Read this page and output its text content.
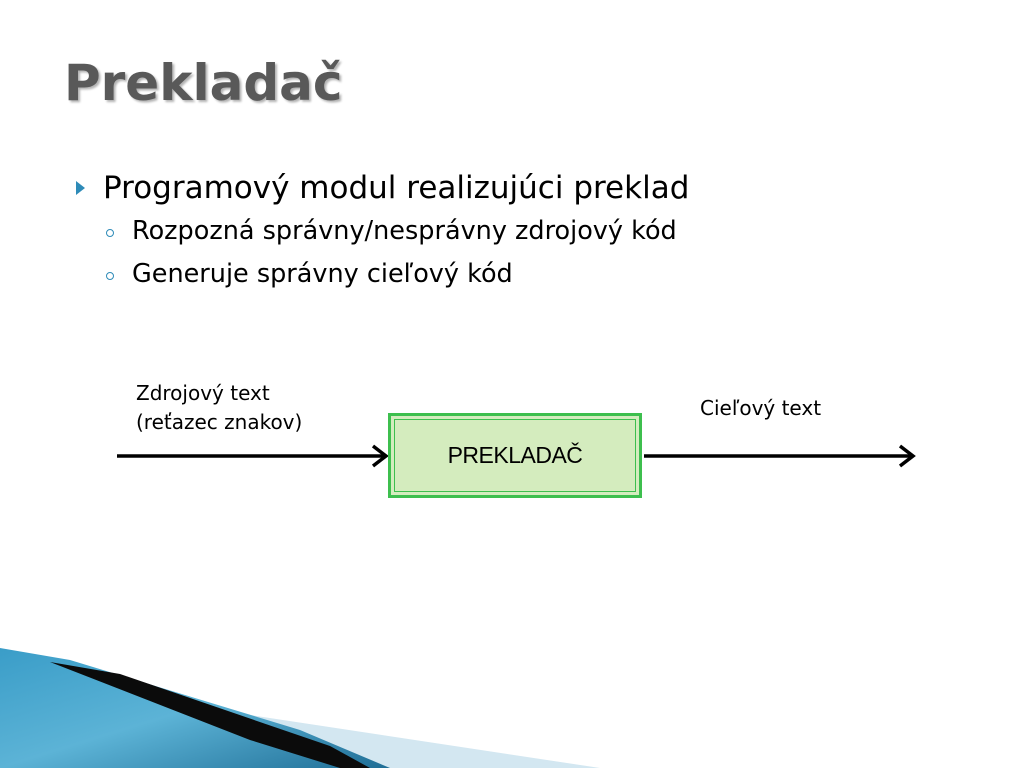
Prekladač
Programový modul realizujúci preklad
Rozpozná správny/nesprávny zdrojový kód
Generuje správny cieľový kód
Zdrojový text
(reťazec znakov)
PREKLADAČ
Cieľový text
